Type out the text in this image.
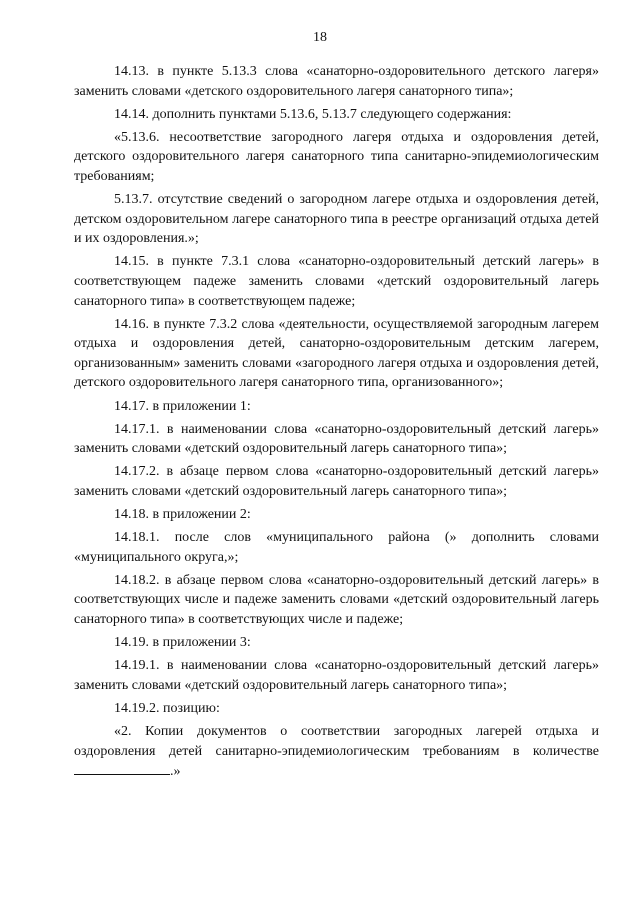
18

14.13. в пункте 5.13.3 слова «санаторно-оздоровительного детского лагеря» заменить словами «детского оздоровительного лагеря санаторного типа»;

14.14. дополнить пунктами 5.13.6, 5.13.7 следующего содержания:

«5.13.6. несоответствие загородного лагеря отдыха и оздоровления детей, детского оздоровительного лагеря санаторного типа санитарно-эпидемиологическим требованиям;

5.13.7. отсутствие сведений о загородном лагере отдыха и оздоровления детей, детском оздоровительном лагере санаторного типа в реестре организаций отдыха детей и их оздоровления.»;

14.15. в пункте 7.3.1 слова «санаторно-оздоровительный детский лагерь» в соответствующем падеже заменить словами «детский оздоровительный лагерь санаторного типа» в соответствующем падеже;

14.16. в пункте 7.3.2 слова «деятельности, осуществляемой загородным лагерем отдыха и оздоровления детей, санаторно-оздоровительным детским лагерем, организованным» заменить словами «загородного лагеря отдыха и оздоровления детей, детского оздоровительного лагеря санаторного типа, организованного»;

14.17. в приложении 1:

14.17.1. в наименовании слова «санаторно-оздоровительный детский лагерь» заменить словами «детский оздоровительный лагерь санаторного типа»;

14.17.2. в абзаце первом слова «санаторно-оздоровительный детский лагерь» заменить словами «детский оздоровительный лагерь санаторного типа»;

14.18. в приложении 2:

14.18.1. после слов «муниципального района (» дополнить словами «муниципального округа,»;

14.18.2. в абзаце первом слова «санаторно-оздоровительный детский лагерь» в соответствующих числе и падеже заменить словами «детский оздоровительный лагерь санаторного типа» в соответствующих числе и падеже;

14.19. в приложении 3:

14.19.1. в наименовании слова «санаторно-оздоровительный детский лагерь» заменить словами «детский оздоровительный лагерь санаторного типа»;

14.19.2. позицию:

«2. Копии документов о соответствии загородных лагерей отдыха и оздоровления детей санитарно-эпидемиологическим требованиям в количестве .»
